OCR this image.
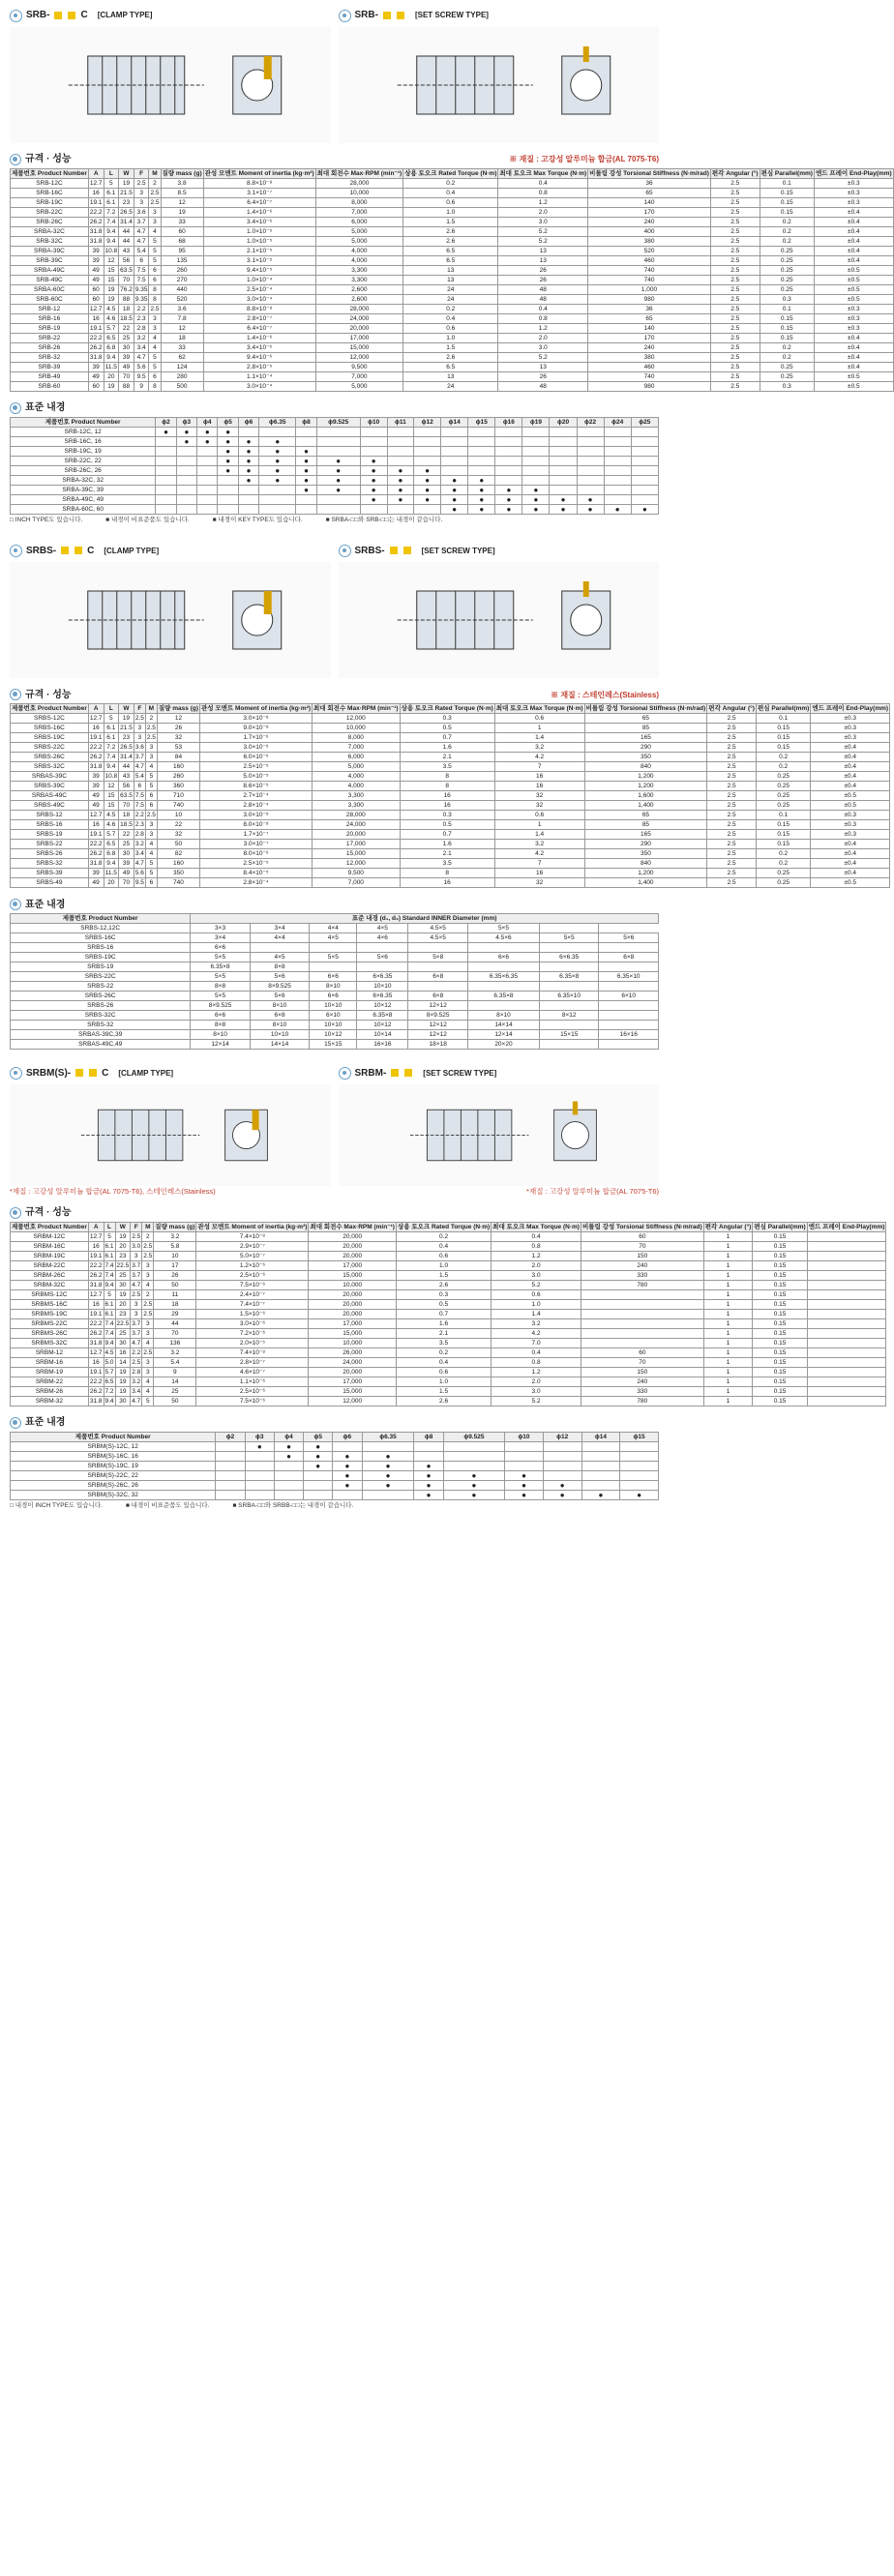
SRB-	C [CLAMP TYPE]	SRB-	[SET SCREW TYPE]
규격 · 성능	※ 재질 : 고강성 알루미늄 합금(AL 7075-T6)
제품번호 Product Number	A	L	W	F	M	질량 mass (g)	관성 모멘트 Moment of inertia (kg·m²)	최대 회전수 Max·RPM (min⁻¹)	상용 토오크 Rated Torque (N·m)	최대 토오크 Max Torque (N·m)	비틀림 강성 Torsional Stiffness (N·m/rad)	편각 Angular (°)	편심 Parallel(mm)	엔드 프레이 End-Play(mm)
SRB-12C	12.7	5	19	2.5	2	3.8	8.8×10⁻⁸	28,000	0.2	0.4	36	2.5	0.1	±0.3
SRB-16C	16	6.1	21.5	3	2.5	8.5	3.1×10⁻⁷	10,000	0.4	0.8	65	2.5	0.15	±0.3
SRB-19C	19.1	6.1	23	3	2.5	12	6.4×10⁻⁷	8,000	0.6	1.2	140	2.5	0.15	±0.3
SRB-22C	22.2	7.2	26.5	3.6	3	19	1.4×10⁻⁶	7,000	1.0	2.0	170	2.5	0.15	±0.4
SRB-26C	26.2	7.4	31.4	3.7	3	33	3.4×10⁻⁶	6,000	1.5	3.0	240	2.5	0.2	±0.4
SRBA-32C	31.8	9.4	44	4.7	4	60	1.0×10⁻⁵	5,000	2.6	5.2	400	2.5	0.2	±0.4
SRB-32C	31.8	9.4	44	4.7	5	68	1.0×10⁻⁵	5,000	2.6	5.2	380	2.5	0.2	±0.4
SRBA-39C	39	10.8	43	5.4	5	95	2.1×10⁻⁵	4,000	6.5	13	520	2.5	0.25	±0.4
SRB-39C	39	12	56	6	5	135	3.1×10⁻⁵	4,000	6.5	13	460	2.5	0.25	±0.4
SRBA-49C	49	15	63.5	7.5	6	260	9.4×10⁻⁵	3,300	13	26	740	2.5	0.25	±0.5
SRB-49C	49	15	70	7.5	6	270	1.0×10⁻⁴	3,300	13	26	740	2.5	0.25	±0.5
SRBA-60C	60	19	76.2	9.35	8	440	2.5×10⁻⁴	2,600	24	48	1,000	2.5	0.25	±0.5
SRB-60C	60	19	88	9.35	8	520	3.0×10⁻⁴	2,600	24	48	980	2.5	0.3	±0.5
SRB-12	12.7	4.5	18	2.2	2.5	3.6	8.8×10⁻⁸	28,000	0.2	0.4	36	2.5	0.1	±0.3
SRB-16	16	4.6	18.5	2.3	3	7.8	2.8×10⁻⁷	24,000	0.4	0.8	65	2.5	0.15	±0.3
SRB-19	19.1	5.7	22	2.8	3	12	6.4×10⁻⁷	20,000	0.6	1.2	140	2.5	0.15	±0.3
SRB-22	22.2	6.5	25	3.2	4	18	1.4×10⁻⁶	17,000	1.0	2.0	170	2.5	0.15	±0.4
SRB-26	26.2	6.8	30	3.4	4	33	3.4×10⁻⁶	15,000	1.5	3.0	240	2.5	0.2	±0.4
SRB-32	31.8	9.4	39	4.7	5	62	9.4×10⁻⁶	12,000	2.6	5.2	380	2.5	0.2	±0.4
SRB-39	39	11.5	49	5.6	5	124	2.8×10⁻⁵	9,500	6.5	13	460	2.5	0.25	±0.4
SRB-49	49	20	70	9.5	6	280	1.1×10⁻⁴	7,000	13	26	740	2.5	0.25	±0.5
SRB-60	60	19	88	9	8	500	3.0×10⁻⁴	5,000	24	48	980	2.5	0.3	±0.5
표준 내경
제품번호 Product Number	ϕ2	ϕ3	ϕ4	ϕ5	ϕ6	ϕ6.35	ϕ8	ϕ9.525	ϕ10	ϕ11	ϕ12	ϕ14	ϕ15	ϕ16	ϕ19	ϕ20	ϕ22	ϕ24	ϕ25
SRB-12C, 12	●	●	●	●															
SRB-16C, 16		●	●	●	●	●													
SRB-19C, 19				●	●	●	●												
SRB-22C, 22				●	●	●	●	●	●										
SRB-26C, 26				●	●	●	●	●	●	●	●								
SRBA-32C, 32					●	●	●	●	●	●	●	●	●						
SRBA-39C, 39							●	●	●	●	●	●	●	●	●				
SRBA-49C, 49									●	●	●	●	●	●	●	●	●		
SRBA-60C, 60												●	●	●	●	●	●	●	●
□ INCH TYPE도 있습니다.	■ 내경이 비표준품도 있습니다.	■ 내경이 KEY TYPE도 있습니다.	■ SRBA-□□와 SRB-□□는 내경이 같습니다.
SRBS-	C [CLAMP TYPE]	SRBS-	[SET SCREW TYPE]
규격 · 성능	※ 재질 : 스테인레스(Stainless)
제품번호 Product Number	A	L	W	F	M	질량 mass (g)	관성 모멘트 Moment of inertia (kg·m²)	최대 회전수 Max·RPM (min⁻¹)	상용 토오크 Rated Torque (N·m)	최대 토오크 Max Torque (N·m)	비틀림 강성 Torsional Stiffness (N·m/rad)	편각 Angular (°)	편심 Parallel(mm)	엔드 프레이 End-Play(mm)
SRBS-12C	12.7	5	19	2.5	2	12	3.0×10⁻⁸	12,000	0.3	0.6	65	2.5	0.1	±0.3
SRBS-16C	16	6.1	21.5	3	2.5	26	9.0×10⁻⁸	10,000	0.5	1	85	2.5	0.15	±0.3
SRBS-19C	19.1	6.1	23	3	2.5	32	1.7×10⁻⁶	8,000	0.7	1.4	165	2.5	0.15	±0.3
SRBS-22C	22.2	7.2	26.5	3.6	3	53	3.0×10⁻⁶	7,000	1.6	3.2	290	2.5	0.15	±0.4
SRBS-26C	26.2	7.4	31.4	3.7	3	84	6.0×10⁻⁶	6,000	2.1	4.2	350	2.5	0.2	±0.4
SRBS-32C	31.8	9.4	44	4.7	4	160	2.5×10⁻⁵	5,000	3.5	7	840	2.5	0.2	±0.4
SRBAS-39C	39	10.8	43	5.4	5	260	5.0×10⁻⁵	4,000	8	16	1,200	2.5	0.25	±0.4
SRBS-39C	39	12	56	6	5	360	8.6×10⁻⁵	4,000	8	16	1,200	2.5	0.25	±0.4
SRBAS-49C	49	15	63.5	7.5	6	710	2.7×10⁻⁴	3,300	16	32	1,600	2.5	0.25	±0.5
SRBS-49C	49	15	70	7.5	6	740	2.8×10⁻⁴	3,300	16	32	1,400	2.5	0.25	±0.5
SRBS-12	12.7	4.5	18	2.2	2.5	10	3.0×10⁻⁸	28,000	0.3	0.6	65	2.5	0.1	±0.3
SRBS-16	16	4.6	18.5	2.3	3	22	8.0×10⁻⁸	24,000	0.5	1	85	2.5	0.15	±0.3
SRBS-19	19.1	5.7	22	2.8	3	32	1.7×10⁻⁷	20,000	0.7	1.4	165	2.5	0.15	±0.3
SRBS-22	22.2	6.5	25	3.2	4	50	3.0×10⁻⁷	17,000	1.6	3.2	290	2.5	0.15	±0.4
SRBS-26	26.2	6.8	30	3.4	4	82	8.0×10⁻⁶	15,000	2.1	4.2	350	2.5	0.2	±0.4
SRBS-32	31.8	9.4	39	4.7	5	160	2.5×10⁻⁵	12,000	3.5	7	840	2.5	0.2	±0.4
SRBS-39	39	11.5	49	5.6	5	350	8.4×10⁻⁵	9,500	8	16	1,200	2.5	0.25	±0.4
SRBS-49	49	20	70	9.5	6	740	2.8×10⁻⁴	7,000	16	32	1,400	2.5	0.25	±0.5
표준 내경
제품번호 Product Number	표준 내경 (d₁, d₂) Standard INNER Diameter (mm)							
SRBS-12,12C	3×3	3×4	4×4	4×5	4.5×5	5×5		
SRBS-16C	3×4	4×4	4×5	4×6	4.5×5	4.5×6	5×5	5×6
SRBS-16	6×6							
SRBS-19C	5×5	4×5	5×5	5×6	5×8	6×6	6×6.35	6×8
SRBS-19	6.35×8	8×8						
SRBS-22C	5×5	5×6	6×6	6×6.35	6×8	6.35×6.35	6.35×8	6.35×10
SRBS-22	8×8	8×9.525	8×10	10×10				
SRBS-26C	5×5	5×6	6×6	6×6.35	6×8	6.35×8	6.35×10	6×10
SRBS-26	8×9.525	8×10	10×10	10×12	12×12			
SRBS-32C	6×6	6×8	6×10	6.35×8	8×9.525	8×10	8×12	
SRBS-32	8×8	8×10	10×10	10×12	12×12	14×14		
SRBAS-39C,39	8×10	10×10	10×12	10×14	12×12	12×14	15×15	16×16
SRBAS-49C,49	12×14	14×14	15×15	16×16	18×18	20×20		
SRBM(S)-	C [CLAMP TYPE]	SRBM-	[SET SCREW TYPE]
*재질 : 고강성 알루미늄 합금(AL 7075-T6), 스테인레스(Stainless)	*재질 : 고강성 알루미늄 합금(AL 7075-T6)
규격 · 성능
제품번호 Product Number	A	L	W	F	M	질량 mass (g)	관성 모멘트 Moment of inertia (kg·m²)	최대 회전수 Max·RPM (min⁻¹)	상용 토오크 Rated Torque (N·m)	최대 토오크 Max Torque (N·m)	비틀림 강성 Torsional Stiffness (N·m/rad)	편각 Angular (°)	편심 Parallel(mm)	엔드 프레이 End-Play(mm)
SRBM-12C	12.7	5	19	2.5	2	3.2	7.4×10⁻⁸	20,000	0.2	0.4	60	1	0.15	
SRBM-16C	16	6.1	20	3.0	2.5	5.8	2.9×10⁻⁷	20,000	0.4	0.8	70	1	0.15	
SRBM-19C	19.1	6.1	23	3	2.5	10	5.0×10⁻⁷	20,000	0.6	1.2	150	1	0.15	
SRBM-22C	22.2	7.4	22.5	3.7	3	17	1.2×10⁻⁶	17,000	1.0	2.0	240	1	0.15	
SRBM-26C	26.2	7.4	25	3.7	3	26	2.5×10⁻⁶	15,000	1.5	3.0	330	1	0.15	
SRBM-32C	31.8	9.4	30	4.7	4	50	7.5×10⁻⁶	10,000	2.6	5.2	780	1	0.15	
SRBMS-12C	12.7	5	19	2.5	2	11	2.4×10⁻⁷	20,000	0.3	0.6		1	0.15	
SRBMS-16C	16	6.1	20	3	2.5	18	7.4×10⁻⁷	20,000	0.5	1.0		1	0.15	
SRBMS-19C	19.1	6.1	23	3	2.5	29	1.5×10⁻⁶	20,000	0.7	1.4		1	0.15	
SRBMS-22C	22.2	7.4	22.5	3.7	3	44	3.0×10⁻⁶	17,000	1.6	3.2		1	0.15	
SRBMS-26C	26.2	7.4	25	3.7	3	70	7.2×10⁻⁶	15,000	2.1	4.2		1	0.15	
SRBMS-32C	31.8	9.4	30	4.7	4	136	2.0×10⁻⁵	10,000	3.5	7.0		1	0.15	
SRBM-12	12.7	4.5	16	2.2	2.5	3.2	7.4×10⁻⁸	26,000	0.2	0.4	60	1	0.15	
SRBM-16	16	5.0	14	2.5	3	5.4	2.8×10⁻⁷	24,000	0.4	0.8	70	1	0.15	
SRBM-19	19.1	5.7	19	2.8	3	9	4.6×10⁻⁷	20,000	0.6	1.2	150	1	0.15	
SRBM-22	22.2	6.5	19	3.2	4	14	1.1×10⁻⁶	17,000	1.0	2.0	240	1	0.15	
SRBM-26	26.2	7.2	19	3.4	4	25	2.5×10⁻⁶	15,000	1.5	3.0	330	1	0.15	
SRBM-32	31.8	9.4	30	4.7	5	50	7.5×10⁻⁶	12,000	2.6	5.2	780	1	0.15	
표준 내경
제품번호 Product Number	ϕ2	ϕ3	ϕ4	ϕ5	ϕ6	ϕ6.35	ϕ8	ϕ9.525	ϕ10	ϕ12	ϕ14	ϕ15
SRBM(S)-12C, 12		●	●	●								
SRBM(S)-16C, 16			●	●	●	●						
SRBM(S)-19C, 19				●	●	●	●					
SRBM(S)-22C, 22					●	●	●	●	●			
SRBM(S)-26C, 26					●	●	●	●	●	●		
SRBM(S)-32C, 32							●	●	●	●	●	●
□ 내경이 INCH TYPE도 있습니다.	■ 내경이 비표준품도 있습니다.	■ SRBA-□□와 SRBB-□□는 내경이 같습니다.
